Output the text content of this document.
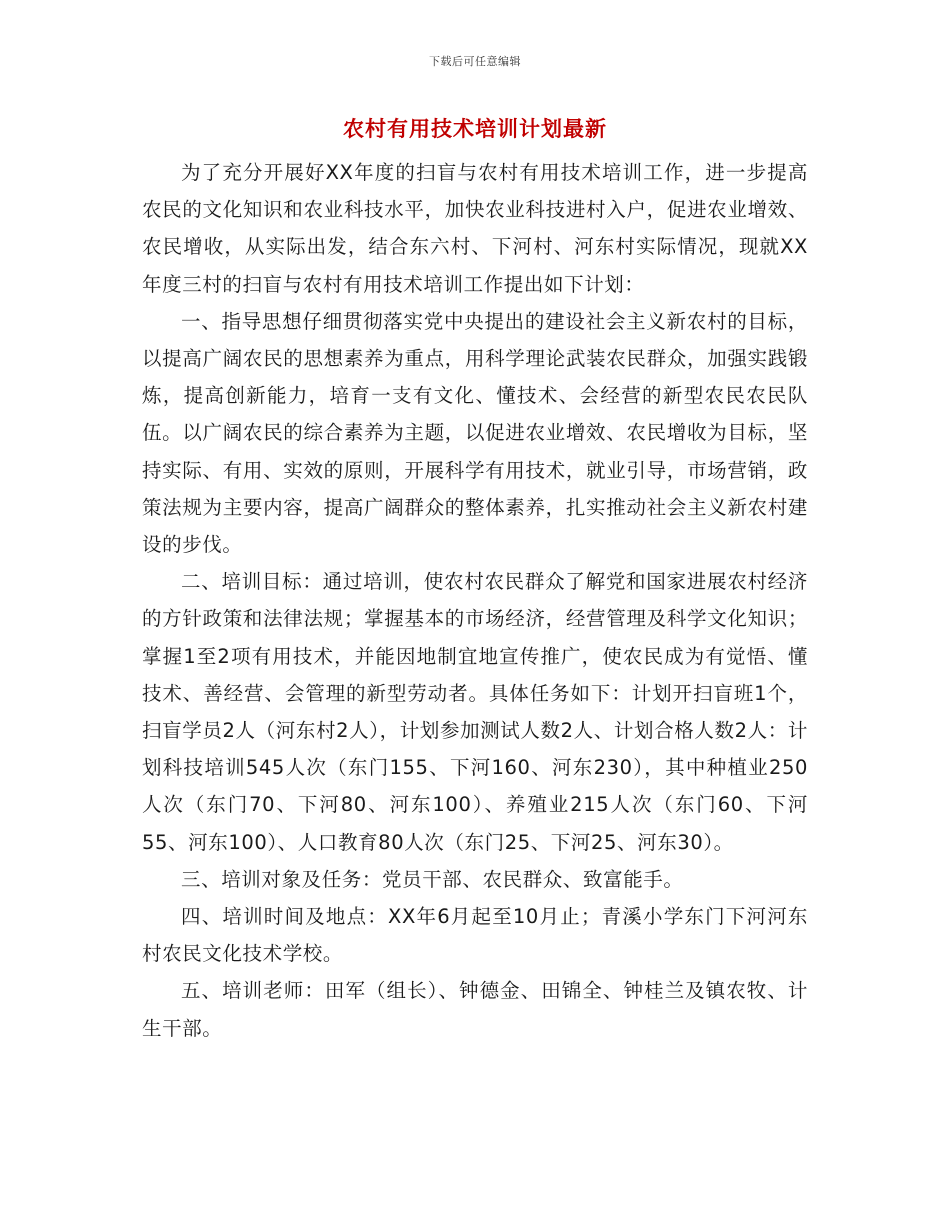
下载后可任意编辑
农村有用技术培训计划最新

为了充分开展好XX年度的扫盲与农村有用技术培训工作，进一步提高农民的文化知识和农业科技水平，加快农业科技进村入户，促进农业增效、农民增收，从实际出发，结合东六村、下河村、河东村实际情况，现就XX年度三村的扫盲与农村有用技术培训工作提出如下计划：

一、指导思想仔细贯彻落实党中央提出的建设社会主义新农村的目标，以提高广阔农民的思想素养为重点，用科学理论武装农民群众，加强实践锻炼，提高创新能力，培育一支有文化、懂技术、会经营的新型农民农民队伍。以广阔农民的综合素养为主题，以促进农业增效、农民增收为目标，坚持实际、有用、实效的原则，开展科学有用技术，就业引导，市场营销，政策法规为主要内容，提高广阔群众的整体素养，扎实推动社会主义新农村建设的步伐。

二、培训目标：通过培训，使农村农民群众了解党和国家进展农村经济的方针政策和法律法规；掌握基本的市场经济，经营管理及科学文化知识；掌握1至2项有用技术，并能因地制宜地宣传推广，使农民成为有觉悟、懂技术、善经营、会管理的新型劳动者。具体任务如下：计划开扫盲班1个，扫盲学员2人（河东村2人），计划参加测试人数2人、计划合格人数2人：计划科技培训545人次（东门155、下河160、河东230），其中种植业250人次（东门70、下河80、河东100）、养殖业215人次（东门60、下河55、河东100）、人口教育80人次（东门25、下河25、河东30）。

三、培训对象及任务：党员干部、农民群众、致富能手。

四、培训时间及地点：XX年6月起至10月止；青溪小学东门下河河东村农民文化技术学校。

五、培训老师：田军（组长）、钟德金、田锦全、钟桂兰及镇农牧、计生干部。
